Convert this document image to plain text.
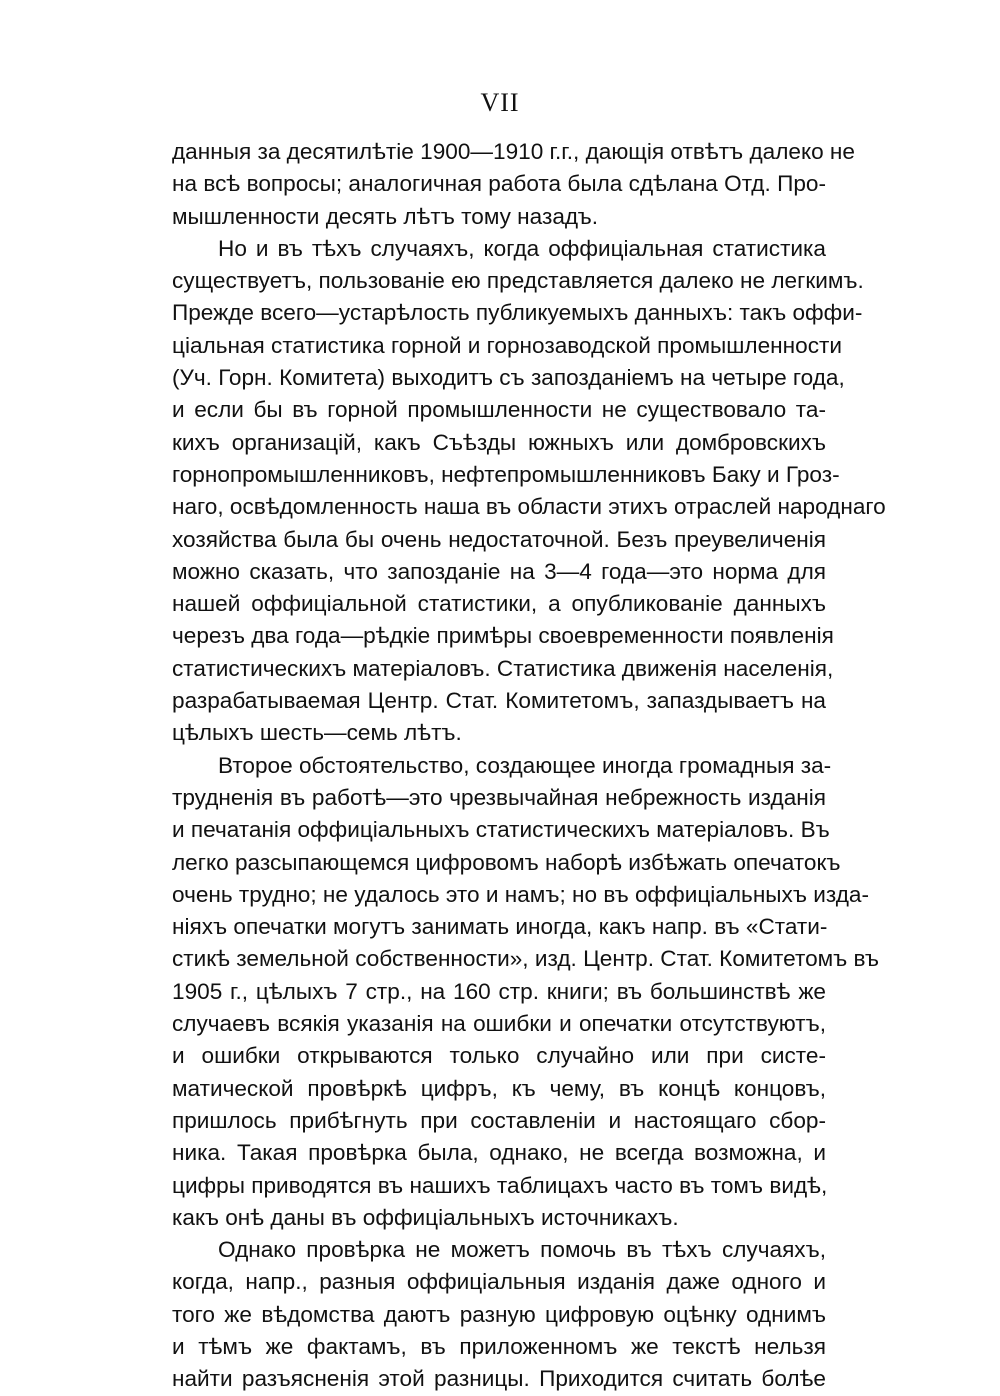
VII
данныя за десятилѣтіе 1900—1910 г.г., дающія отвѣтъ далеко не
на всѣ вопросы; аналогичная работа была сдѣлана Отд. Про-
мышленности десять лѣтъ тому назадъ.
Но и въ тѣхъ случаяхъ, когда оффиціальная статистика
существуетъ, пользованіе ею представляется далеко не легкимъ.
Прежде всего—устарѣлость публикуемыхъ данныхъ: такъ оффи-
ціальная статистика горной и горнозаводской промышленности
(Уч. Горн. Комитета) выходитъ съ запозданіемъ на четыре года,
и если бы въ горной промышленности не существовало та-
кихъ организацій, какъ Съѣзды южныхъ или домбровскихъ
горнопромышленниковъ, нефтепромышленниковъ Баку и Гроз-
наго, освѣдомленность наша въ области этихъ отраслей народнаго
хозяйства была бы очень недостаточной. Безъ преувеличенія
можно сказать, что запозданіе на 3—4 года—это норма для
нашей оффиціальной статистики, а опубликованіе данныхъ
черезъ два года—рѣдкіе примѣры своевременности появленія
статистическихъ матеріаловъ. Статистика движенія населенія,
разрабатываемая Центр. Стат. Комитетомъ, запаздываетъ на
цѣлыхъ шесть—семь лѣтъ.
Второе обстоятельство, создающее иногда громадныя за-
трудненія въ работѣ—это чрезвычайная небрежность изданія
и печатанія оффиціальныхъ статистическихъ матеріаловъ. Въ
легко разсыпающемся цифровомъ наборѣ избѣжать опечатокъ
очень трудно; не удалось это и намъ; но въ оффиціальныхъ изда-
ніяхъ опечатки могутъ занимать иногда, какъ напр. въ «Стати-
стикѣ земельной собственности», изд. Центр. Стат. Комитетомъ въ
1905 г., цѣлыхъ 7 стр., на 160 стр. книги; въ большинствѣ же
случаевъ всякія указанія на ошибки и опечатки отсутствуютъ,
и ошибки открываются только случайно или при систе-
матической провѣркѣ цифръ, къ чему, въ концѣ концовъ,
пришлось прибѣгнуть при составленіи и настоящаго сбор-
ника. Такая провѣрка была, однако, не всегда возможна, и
цифры приводятся въ нашихъ таблицахъ часто въ томъ видѣ,
какъ онѣ даны въ оффиціальныхъ источникахъ.
Однако провѣрка не можетъ помочь въ тѣхъ случаяхъ,
когда, напр., разныя оффиціальныя изданія даже одного и
того же вѣдомства даютъ разную цифровую оцѣнку однимъ
и тѣмъ же фактамъ, въ приложенномъ же текстѣ нельзя
найти разъясненія этой разницы. Приходится считать болѣе
